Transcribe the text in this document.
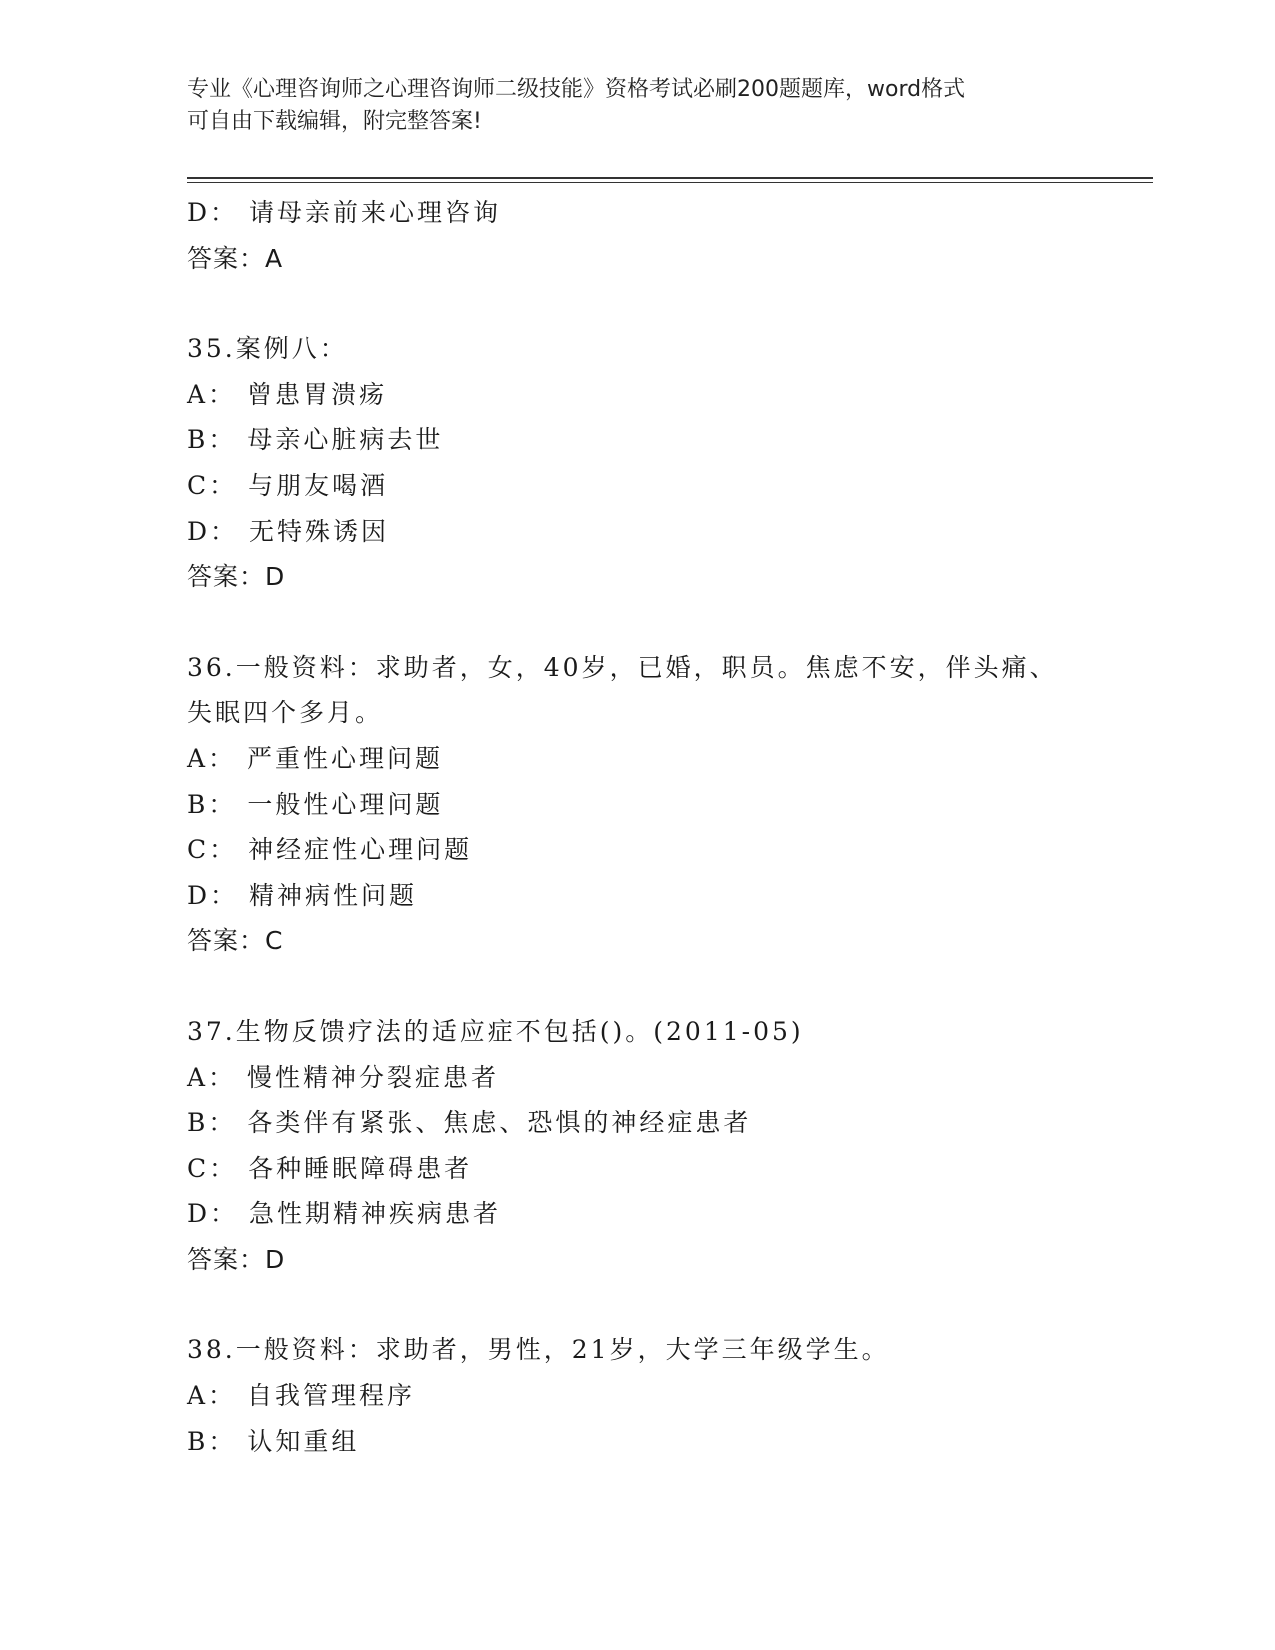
专业《心理咨询师之心理咨询师二级技能》资格考试必刷200题题库，word格式
可自由下载编辑，附完整答案!
D： 请母亲前来心理咨询
答案：A
35.案例八：
A： 曾患胃溃疡
B： 母亲心脏病去世
C： 与朋友喝酒
D： 无特殊诱因
答案：D
36.一般资料：求助者，女，40岁，已婚，职员。焦虑不安，伴头痛、
失眠四个多月。
A： 严重性心理问题
B： 一般性心理问题
C： 神经症性心理问题
D： 精神病性问题
答案：C
37.生物反馈疗法的适应症不包括()。(2011-05)
A： 慢性精神分裂症患者
B： 各类伴有紧张、焦虑、恐惧的神经症患者
C： 各种睡眠障碍患者
D： 急性期精神疾病患者
答案：D
38.一般资料：求助者，男性，21岁，大学三年级学生。
A： 自我管理程序
B： 认知重组
